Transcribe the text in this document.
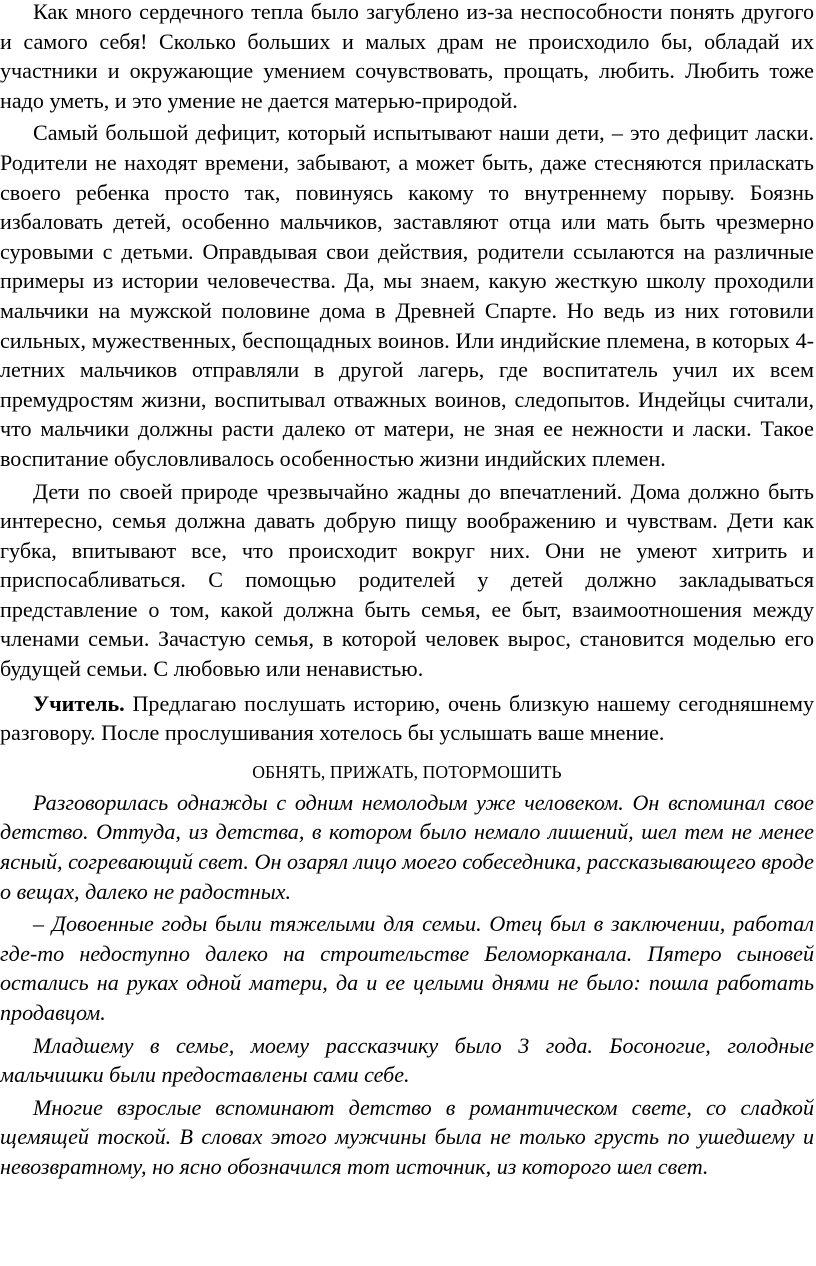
Как много сердечного тепла было загублено из-за неспособности понять другого и самого себя! Сколько больших и малых драм не происходило бы, обладай их участники и окружающие умением сочувствовать, прощать, любить. Любить тоже надо уметь, и это умение не дается матерью-природой.

Самый большой дефицит, который испытывают наши дети, – это дефицит ласки. Родители не находят времени, забывают, а может быть, даже стесняются приласкать своего ребенка просто так, повинуясь какому то внутреннему порыву. Боязнь избаловать детей, особенно мальчиков, заставляют отца или мать быть чрезмерно суровыми с детьми. Оправдывая свои действия, родители ссылаются на различные примеры из истории человечества. Да, мы знаем, какую жесткую школу проходили мальчики на мужской половине дома в Древней Спарте. Но ведь из них готовили сильных, мужественных, беспощадных воинов. Или индийские племена, в которых 4-летних мальчиков отправляли в другой лагерь, где воспитатель учил их всем премудростям жизни, воспитывал отважных воинов, следопытов. Индейцы считали, что мальчики должны расти далеко от матери, не зная ее нежности и ласки. Такое воспитание обусловливалось особенностью жизни индийских племен.

Дети по своей природе чрезвычайно жадны до впечатлений. Дома должно быть интересно, семья должна давать добрую пищу воображению и чувствам. Дети как губка, впитывают все, что происходит вокруг них. Они не умеют хитрить и приспосабливаться. С помощью родителей у детей должно закладываться представление о том, какой должна быть семья, ее быт, взаимоотношения между членами семьи. Зачастую семья, в которой человек вырос, становится моделью его будущей семьи. С любовью или ненавистью.

Учитель. Предлагаю послушать историю, очень близкую нашему сегодняшнему разговору. После прослушивания хотелось бы услышать ваше мнение.

ОБНЯТЬ, ПРИЖАТЬ, ПОТОРМОШИТЬ

Разговорилась однажды с одним немолодым уже человеком. Он вспоминал свое детство. Оттуда, из детства, в котором было немало лишений, шел тем не менее ясный, согревающий свет. Он озарял лицо моего собеседника, рассказывающего вроде о вещах, далеко не радостных.

– Довоенные годы были тяжелыми для семьи. Отец был в заключении, работал где-то недоступно далеко на строительстве Беломорканала. Пятеро сыновей остались на руках одной матери, да и ее целыми днями не было: пошла работать продавцом.

Младшему в семье, моему рассказчику было 3 года. Босоногие, голодные мальчишки были предоставлены сами себе.

Многие взрослые вспоминают детство в романтическом свете, со сладкой щемящей тоской. В словах этого мужчины была не только грусть по ушедшему и невозвратному, но ясно обозначился тот источник, из которого шел свет.
